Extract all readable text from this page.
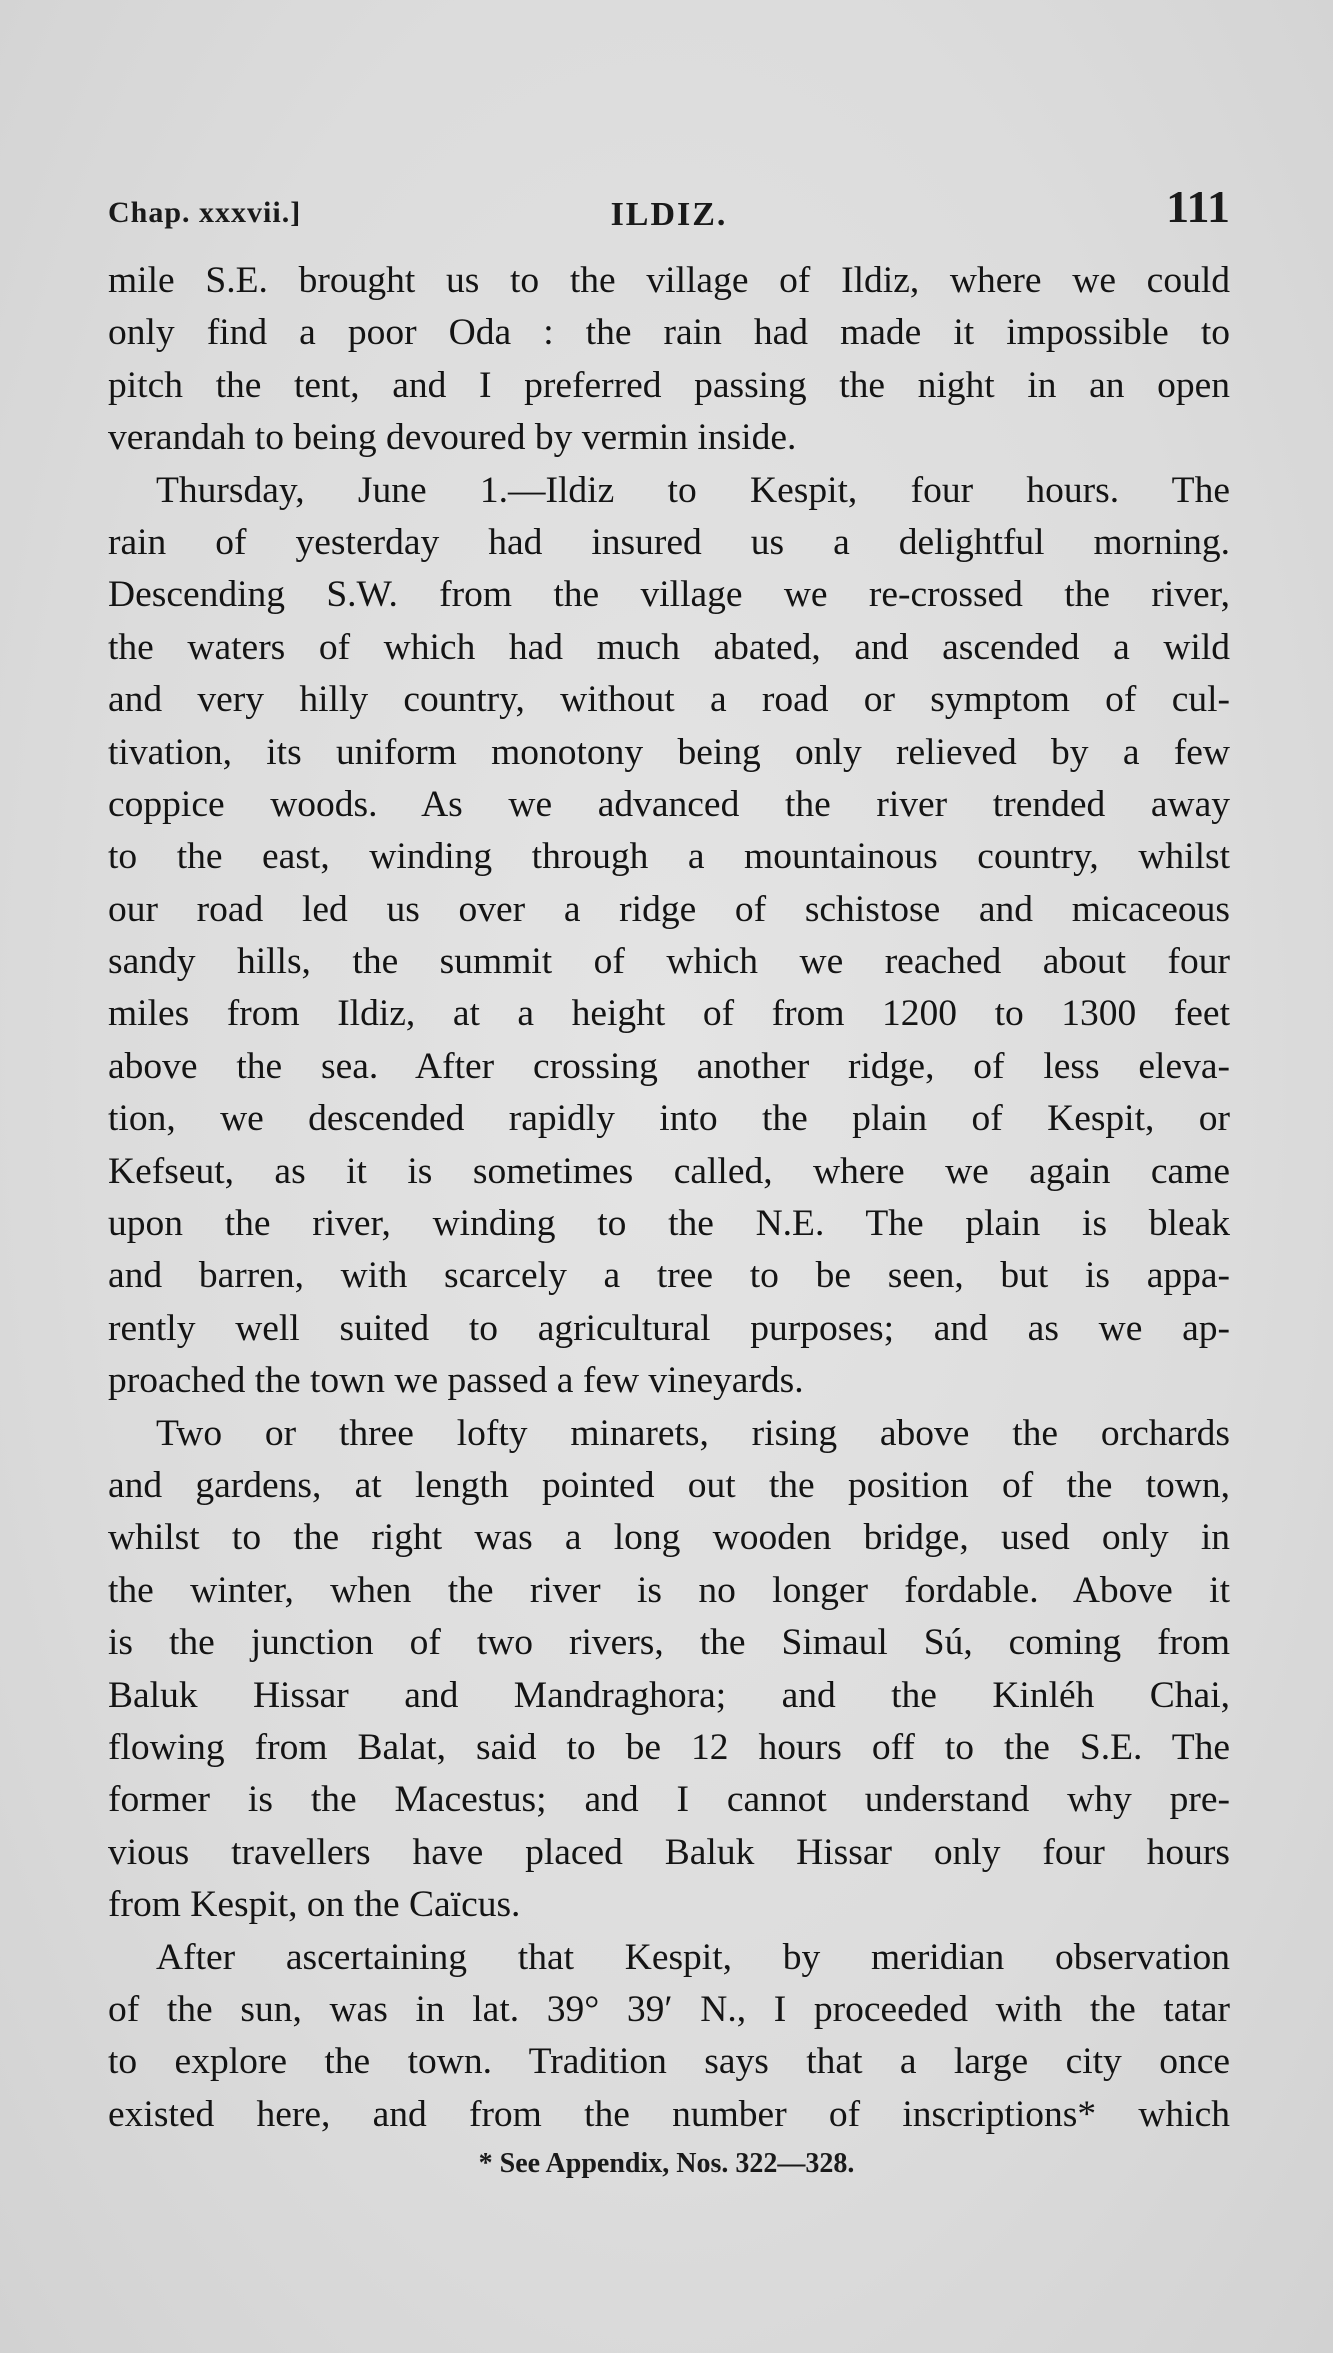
Chap. xxxvii.]	ILDIZ.	111
mile S.E. brought us to the village of Ildiz, where we could
only find a poor Oda : the rain had made it impossible to
pitch the tent, and I preferred passing the night in an open
verandah to being devoured by vermin inside.
Thursday, June 1.—Ildiz to Kespit, four hours. The
rain of yesterday had insured us a delightful morning.
Descending S.W. from the village we re-crossed the river,
the waters of which had much abated, and ascended a wild
and very hilly country, without a road or symptom of cul-
tivation, its uniform monotony being only relieved by a few
coppice woods. As we advanced the river trended away
to the east, winding through a mountainous country, whilst
our road led us over a ridge of schistose and micaceous
sandy hills, the summit of which we reached about four
miles from Ildiz, at a height of from 1200 to 1300 feet
above the sea. After crossing another ridge, of less eleva-
tion, we descended rapidly into the plain of Kespit, or
Kefseut, as it is sometimes called, where we again came
upon the river, winding to the N.E. The plain is bleak
and barren, with scarcely a tree to be seen, but is appa-
rently well suited to agricultural purposes; and as we ap-
proached the town we passed a few vineyards.
Two or three lofty minarets, rising above the orchards
and gardens, at length pointed out the position of the town,
whilst to the right was a long wooden bridge, used only in
the winter, when the river is no longer fordable. Above it
is the junction of two rivers, the Simaul Sú, coming from
Baluk Hissar and Mandraghora; and the Kinléh Chai,
flowing from Balat, said to be 12 hours off to the S.E. The
former is the Macestus; and I cannot understand why pre-
vious travellers have placed Baluk Hissar only four hours
from Kespit, on the Caïcus.
After ascertaining that Kespit, by meridian observation
of the sun, was in lat. 39° 39′ N., I proceeded with the tatar
to explore the town. Tradition says that a large city once
existed here, and from the number of inscriptions* which
* See Appendix, Nos. 322—328.
